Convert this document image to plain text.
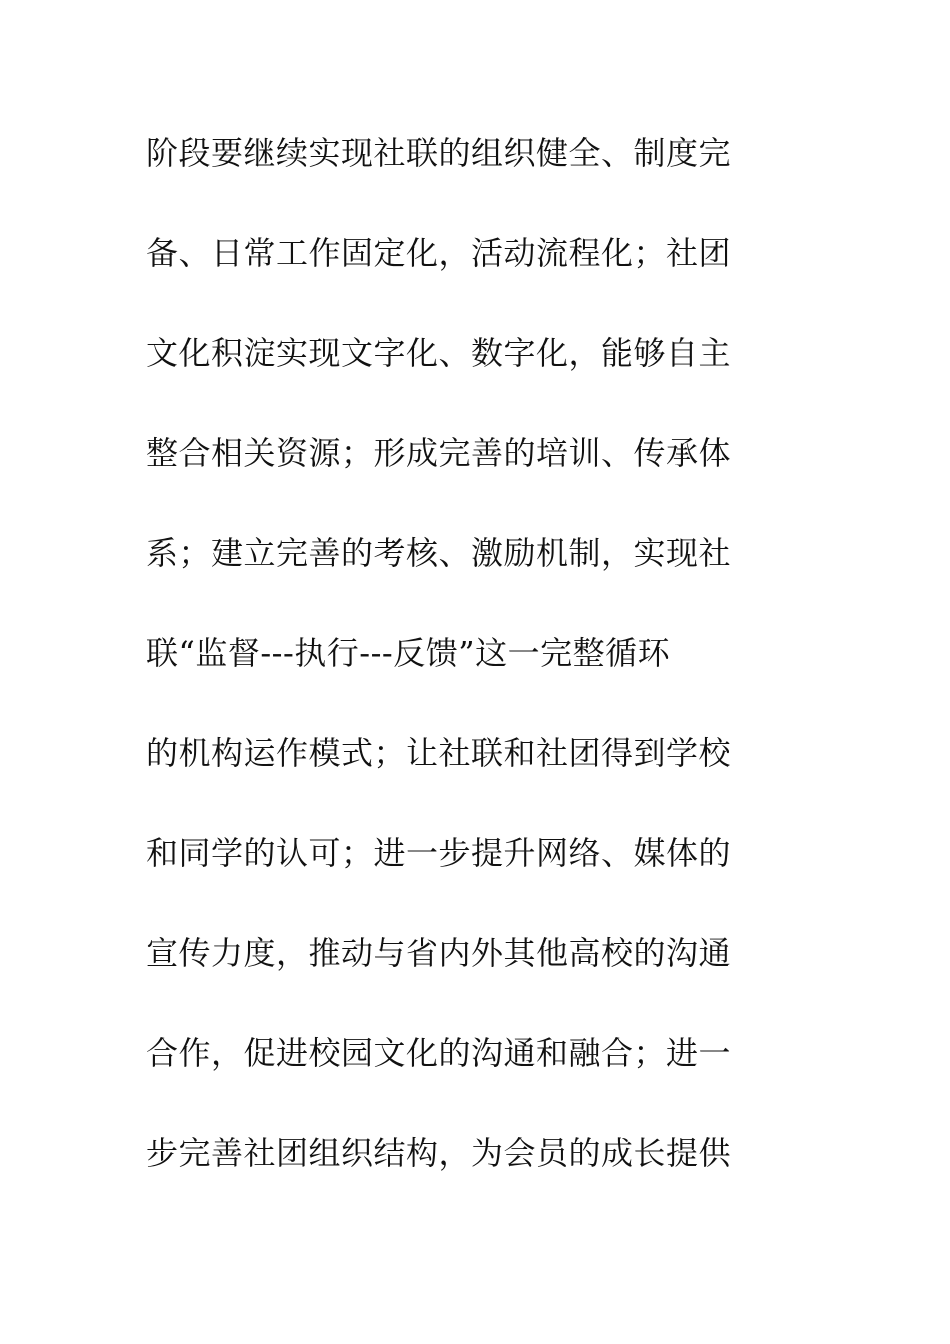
阶段要继续实现社联的组织健全、制度完
备、日常工作固定化，活动流程化；社团
文化积淀实现文字化、数字化，能够自主
整合相关资源；形成完善的培训、传承体
系；建立完善的考核、激励机制，实现社
联“监督---执行---反馈”这一完整循环
的机构运作模式；让社联和社团得到学校
和同学的认可；进一步提升网络、媒体的
宣传力度，推动与省内外其他高校的沟通
合作，促进校园文化的沟通和融合；进一
步完善社团组织结构，为会员的成长提供
